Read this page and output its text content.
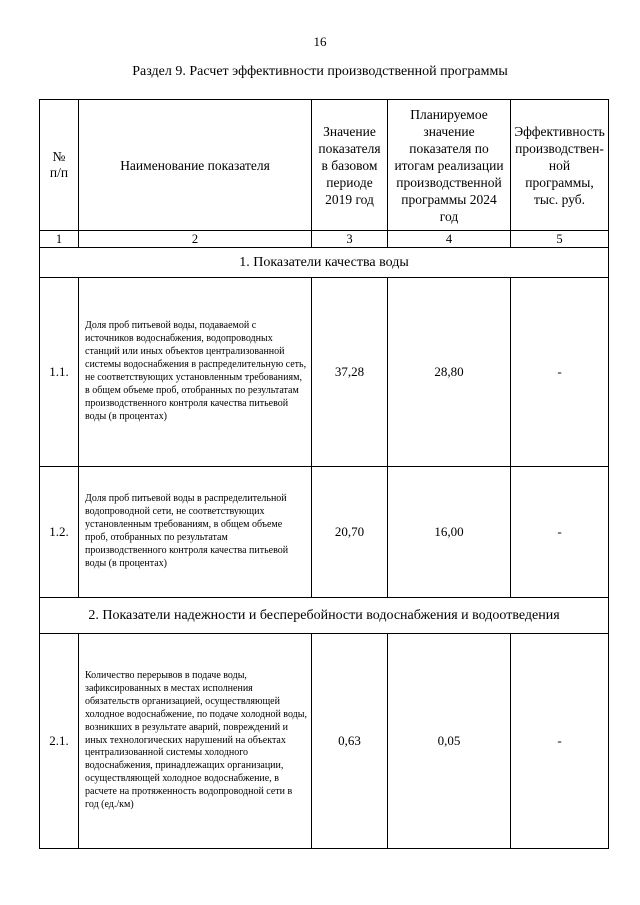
16
Раздел 9. Расчет эффективности производственной программы
№ п/п	Наименование показателя	Значение показателя в базовом периоде 2019 год	Планируемое значение показателя по итогам реализации производственной программы 2024 год	Эффективность производствен-ной программы, тыс. руб.

1	2	3	4	5
1. Показатели качества воды				
1.1.	Доля проб питьевой воды, подаваемой с источников водоснабжения, водопроводных станций или иных объектов централизованной системы водоснабжения в распределительную сеть, не соответствующих установленным требованиям, в общем объеме проб, отобранных по результатам производственного контроля качества питьевой воды (в процентах)	37,28	28,80	-
1.2.	Доля проб питьевой воды в распределительной водопроводной сети, не соответствующих установленным требованиям, в общем объеме проб, отобранных по результатам производственного контроля качества питьевой воды (в процентах)	20,70	16,00	-
2. Показатели надежности и бесперебойности водоснабжения и водоотведения				
2.1.	Количество перерывов в подаче воды, зафиксированных в местах исполнения обязательств организацией, осуществляющей холодное водоснабжение, по подаче холодной воды, возникших в результате аварий, повреждений и иных технологических нарушений на объектах централизованной системы холодного водоснабжения, принадлежащих организации, осуществляющей холодное водоснабжение, в расчете на протяженность водопроводной сети в год (ед./км)	0,63	0,05	-
